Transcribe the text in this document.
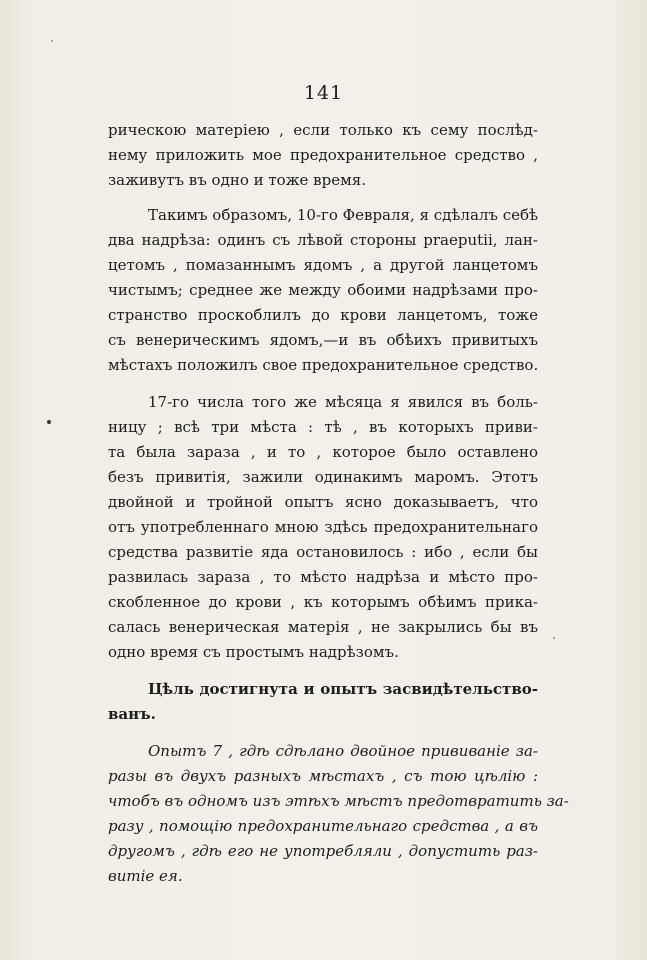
141

рическою матеріею , если только къ сему послѣд-
нему приложить мое предохранительное средство ,
заживутъ въ одно и тоже время.

Такимъ образомъ, 10-го Февраля, я сдѣлалъ себѣ
два надрѣза: одинъ съ лѣвой стороны praeputii, лан-
цетомъ , помазаннымъ ядомъ , а другой ланцетомъ
чистымъ; среднее же между обоими надрѣзами про-
странство проскоблилъ до крови ланцетомъ, тоже
съ венерическимъ ядомъ,—и въ обѣихъ привитыхъ
мѣстахъ положилъ свое предохранительное средство.

17-го числа того же мѣсяца я явился въ боль-
ницу ; всѣ три мѣста : тѣ , въ которыхъ приви-
та была зараза , и то , которое было оставлено
безъ привитія, зажили одинакимъ маромъ. Этотъ
двойной и тройной опытъ ясно доказываетъ, что
отъ употребленнаго мною здѣсь предохранительнаго
средства развитіе яда остановилось : ибо , если бы
развилась зараза , то мѣсто надрѣза и мѣсто про-
скобленное до крови , къ которымъ обѣимъ прика-
салась венерическая матерія , не закрылись бы въ
одно время съ простымъ надрѣзомъ.

Цѣль достигнута и опытъ засвидѣтельство-
ванъ.

Опытъ 7 , гдѣ сдѣлано двойное прививаніе за-
разы въ двухъ разныхъ мѣстахъ , съ тою цѣлію :
чтобъ въ одномъ изъ этѣхъ мѣстъ предотвратить за-
разу , помощію предохранительнаго средства , а въ
другомъ , гдѣ его не употребляли , допустить раз-
витіе ея.
